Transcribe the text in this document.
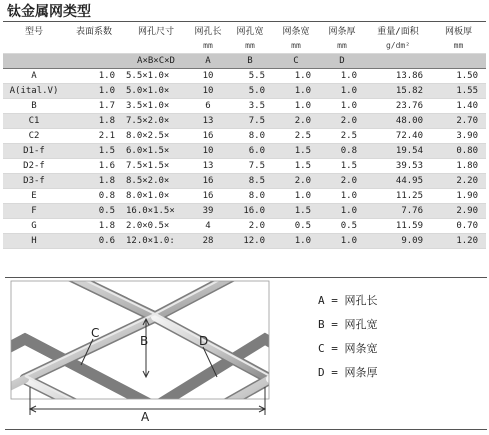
钛金属网类型
型号	表面系数	网孔尺寸	网孔长	网孔宽	网条宽	网条厚	重量/面积	网板厚
			mm	mm	mm	mm	g/dm²	mm
		A×B×C×D	A	B	C	D		
A	1.0	5.5×1.0×	10	5.5	1.0	1.0	13.86	1.50
A(ital.V)	1.0	5.0×1.0×	10	5.0	1.0	1.0	15.82	1.55
B	1.7	3.5×1.0×	6	3.5	1.0	1.0	23.76	1.40
C1	1.8	7.5×2.0×	13	7.5	2.0	2.0	48.00	2.70
C2	2.1	8.0×2.5×	16	8.0	2.5	2.5	72.40	3.90
D1-f	1.5	6.0×1.5×	10	6.0	1.5	0.8	19.54	0.80
D2-f	1.6	7.5×1.5×	13	7.5	1.5	1.5	39.53	1.80
D3-f	1.8	8.5×2.0×	16	8.5	2.0	2.0	44.95	2.20
E	0.8	8.0×1.0×	16	8.0	1.0	1.0	11.25	1.90
F	0.5	16.0×1.5×	39	16.0	1.5	1.0	7.76	2.90
G	1.8	2.0×0.5×	4	2.0	0.5	0.5	11.59	0.70
H	0.6	12.0×1.0:	28	12.0	1.0	1.0	9.09	1.20
A
B
C
D
A = 网孔长
B = 网孔宽
C = 网条宽
D = 网条厚
